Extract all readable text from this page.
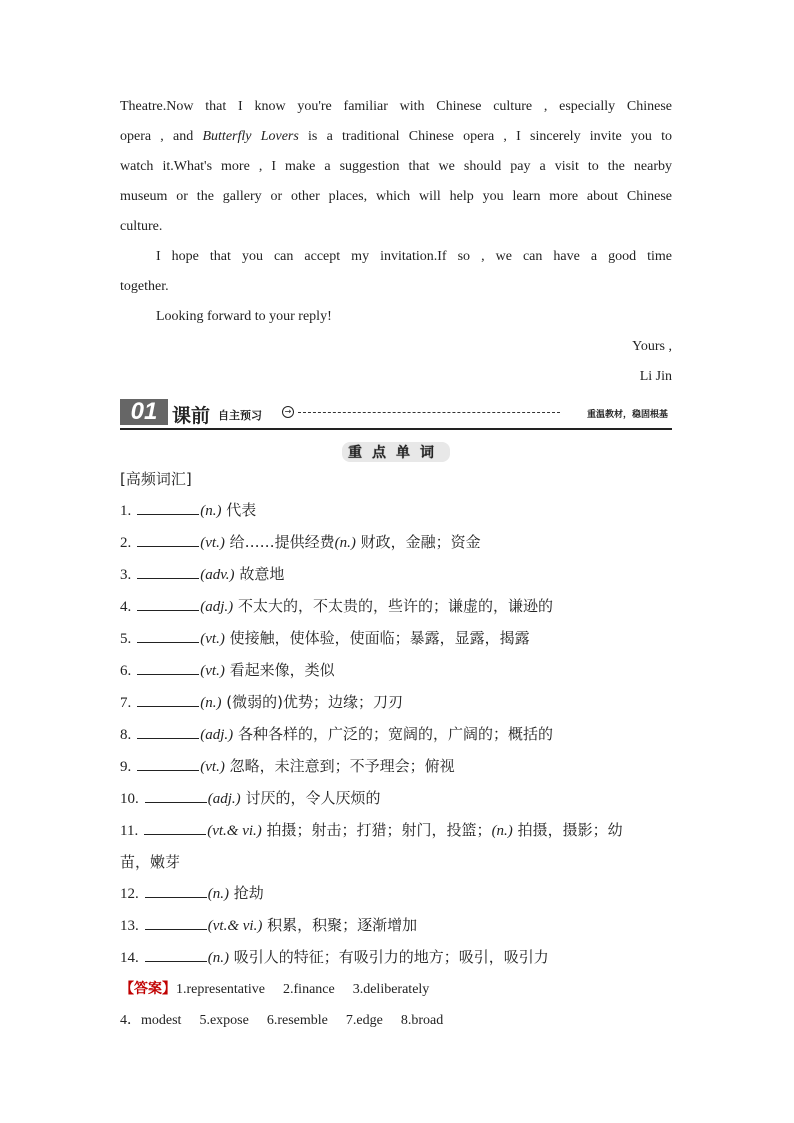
Theatre.Now that I know you're familiar with Chinese culture , especially Chinese

opera , and Butterfly Lovers is a traditional Chinese opera , I sincerely invite you to

watch it.What's more , I make a suggestion that we should pay a visit to the nearby

museum or the gallery or other places, which will help you learn more about Chinese

culture.

I hope that you can accept my invitation.If so , we can have a good time

together.

Looking forward to your reply!

Yours ,

Li Jin

01 课前 自主预习	→	重温教材，稳固根基
重点单词

[高频词汇]

1.	(n.) 代表

2.	(vt.) 给……提供经费(n.) 财政，金融；资金

3.	(adv.) 故意地

4.	(adj.) 不太大的，不太贵的，些许的；谦虚的，谦逊的

5.	(vt.) 使接触，使体验，使面临；暴露，显露，揭露

6.	(vt.) 看起来像，类似

7.	(n.) (微弱的)优势；边缘；刀刃

8.	(adj.) 各种各样的，广泛的；宽阔的，广阔的；概括的

9.	(vt.) 忽略，未注意到；不予理会；俯视

10.	(adj.) 讨厌的，令人厌烦的

11.	(vt.& vi.) 拍摄；射击；打猎；射门，投篮；(n.) 拍摄，摄影；幼

苗，嫩芽

12.	(n.) 抢劫

13.	(vt.& vi.) 积累，积聚；逐渐增加

14.	(n.) 吸引人的特征；有吸引力的地方；吸引，吸引力

【答案】1.representative 2.finance 3.deliberately

4．modest 5.expose 6.resemble 7.edge 8.broad
